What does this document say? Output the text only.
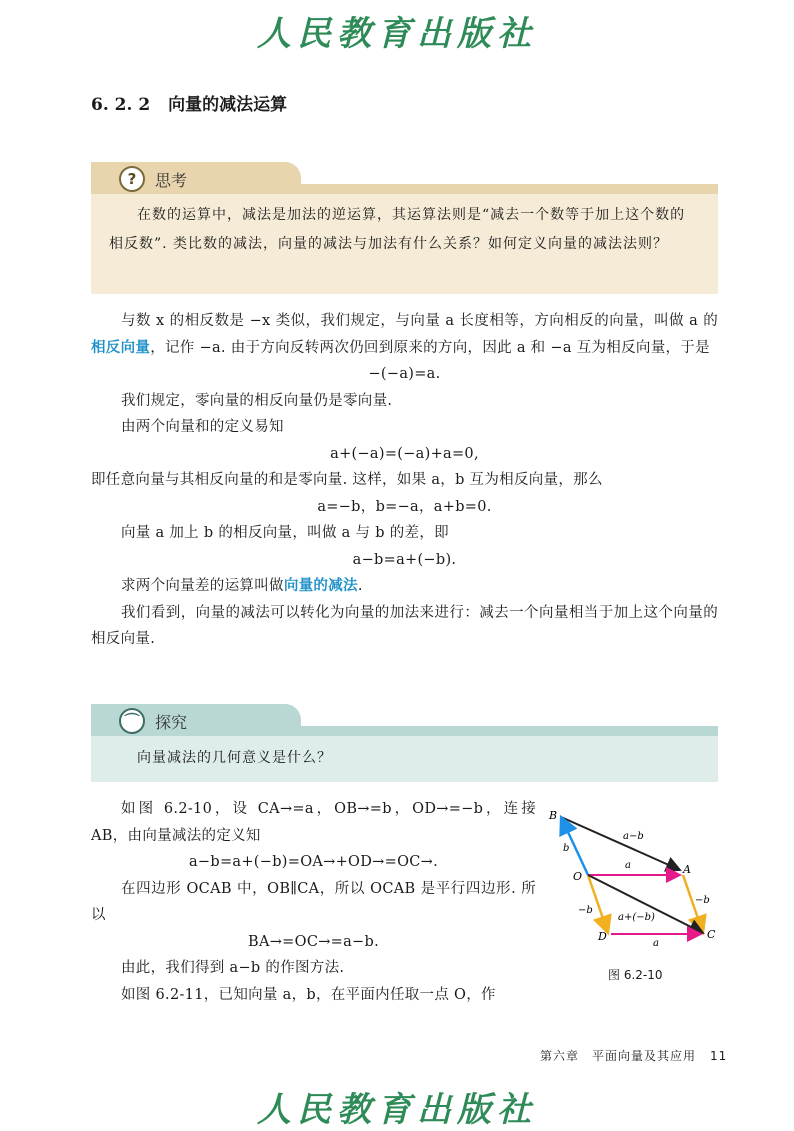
人民教育出版社
6. 2. 2 向量的减法运算
?	思考
在数的运算中，减法是加法的逆运算，其运算法则是“减去一个数等于加上这个数的相反数”. 类比数的减法，向量的减法与加法有什么关系？如何定义向量的减法法则？
与数 x 的相反数是 −x 类似，我们规定，与向量 a 长度相等，方向相反的向量，叫做 a 的相反向量，记作 −a. 由于方向反转两次仍回到原来的方向，因此 a 和 −a 互为相反向量，于是
−(−a)=a.
我们规定，零向量的相反向量仍是零向量.
由两个向量和的定义易知
a+(−a)=(−a)+a=0,
即任意向量与其相反向量的和是零向量. 这样，如果 a，b 互为相反向量，那么
a=−b，b=−a，a+b=0.
向量 a 加上 b 的相反向量，叫做 a 与 b 的差，即
a−b=a+(−b).
求两个向量差的运算叫做向量的减法.
我们看到，向量的减法可以转化为向量的加法来进行：减去一个向量相当于加上这个向量的相反向量.
⌒ 探究
向量减法的几何意义是什么？
如图 6.2-10，设 CA→=a，OB→=b，OD→=−b，连接 AB，由向量减法的定义知
a−b=a+(−b)=OA→+OD→=OC→.
在四边形 OCAB 中，OB∥CA，所以 OCAB 是平行四边形. 所以
BA→=OC→=a−b.
由此，我们得到 a−b 的作图方法.
如图 6.2-11，已知向量 a，b，在平面内任取一点 O，作
B
O
A
D	C
a−b
a
b
−b
−b
a+(−b)
a
图 6.2-10
第六章　平面向量及其应用 11
人民教育出版社
